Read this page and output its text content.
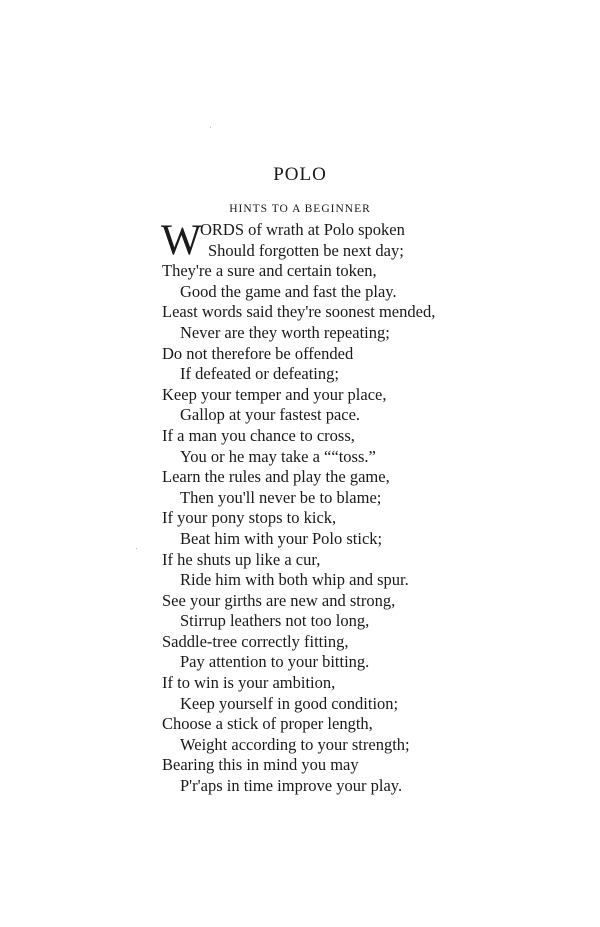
POLO
HINTS TO A BEGINNER
W
ORDS of wrath at Polo spoken
Should forgotten be next day;
They're a sure and certain token,
Good the game and fast the play.
Least words said they're soonest mended,
Never are they worth repeating;
Do not therefore be offended
If defeated or defeating;
Keep your temper and your place,
Gallop at your fastest pace.
If a man you chance to cross,
You or he may take a ““toss.”
Learn the rules and play the game,
Then you'll never be to blame;
If your pony stops to kick,
Beat him with your Polo stick;
If he shuts up like a cur,
Ride him with both whip and spur.
See your girths are new and strong,
Stirrup leathers not too long,
Saddle-tree correctly fitting,
Pay attention to your bitting.
If to win is your ambition,
Keep yourself in good condition;
Choose a stick of proper length,
Weight according to your strength;
Bearing this in mind you may
P'r'aps in time improve your play.
